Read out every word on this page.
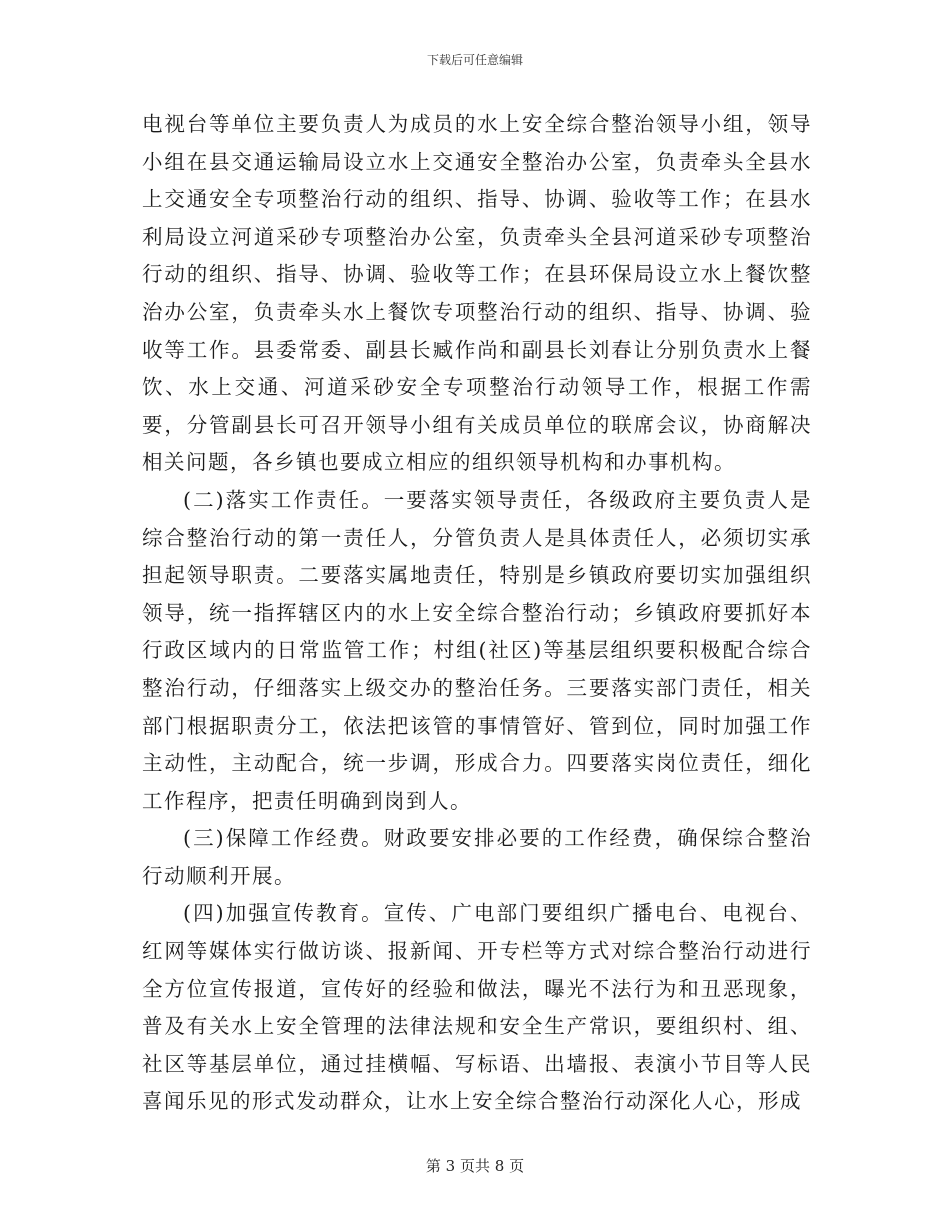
下载后可任意编辑

电视台等单位主要负责人为成员的水上安全综合整治领导小组，领导小组在县交通运输局设立水上交通安全整治办公室，负责牵头全县水上交通安全专项整治行动的组织、指导、协调、验收等工作；在县水利局设立河道采砂专项整治办公室，负责牵头全县河道采砂专项整治行动的组织、指导、协调、验收等工作；在县环保局设立水上餐饮整治办公室，负责牵头水上餐饮专项整治行动的组织、指导、协调、验收等工作。县委常委、副县长臧作尚和副县长刘春让分别负责水上餐饮、水上交通、河道采砂安全专项整治行动领导工作，根据工作需要，分管副县长可召开领导小组有关成员单位的联席会议，协商解决相关问题，各乡镇也要成立相应的组织领导机构和办事机构。

(二)落实工作责任。一要落实领导责任，各级政府主要负责人是综合整治行动的第一责任人，分管负责人是具体责任人，必须切实承担起领导职责。二要落实属地责任，特别是乡镇政府要切实加强组织领导，统一指挥辖区内的水上安全综合整治行动；乡镇政府要抓好本行政区域内的日常监管工作；村组(社区)等基层组织要积极配合综合整治行动，仔细落实上级交办的整治任务。三要落实部门责任，相关部门根据职责分工，依法把该管的事情管好、管到位，同时加强工作主动性，主动配合，统一步调，形成合力。四要落实岗位责任，细化工作程序，把责任明确到岗到人。

(三)保障工作经费。财政要安排必要的工作经费，确保综合整治行动顺利开展。

(四)加强宣传教育。宣传、广电部门要组织广播电台、电视台、红网等媒体实行做访谈、报新闻、开专栏等方式对综合整治行动进行全方位宣传报道，宣传好的经验和做法，曝光不法行为和丑恶现象，普及有关水上安全管理的法律法规和安全生产常识，要组织村、组、社区等基层单位，通过挂横幅、写标语、出墙报、表演小节目等人民喜闻乐见的形式发动群众，让水上安全综合整治行动深化人心，形成

第 3 页共 8 页
